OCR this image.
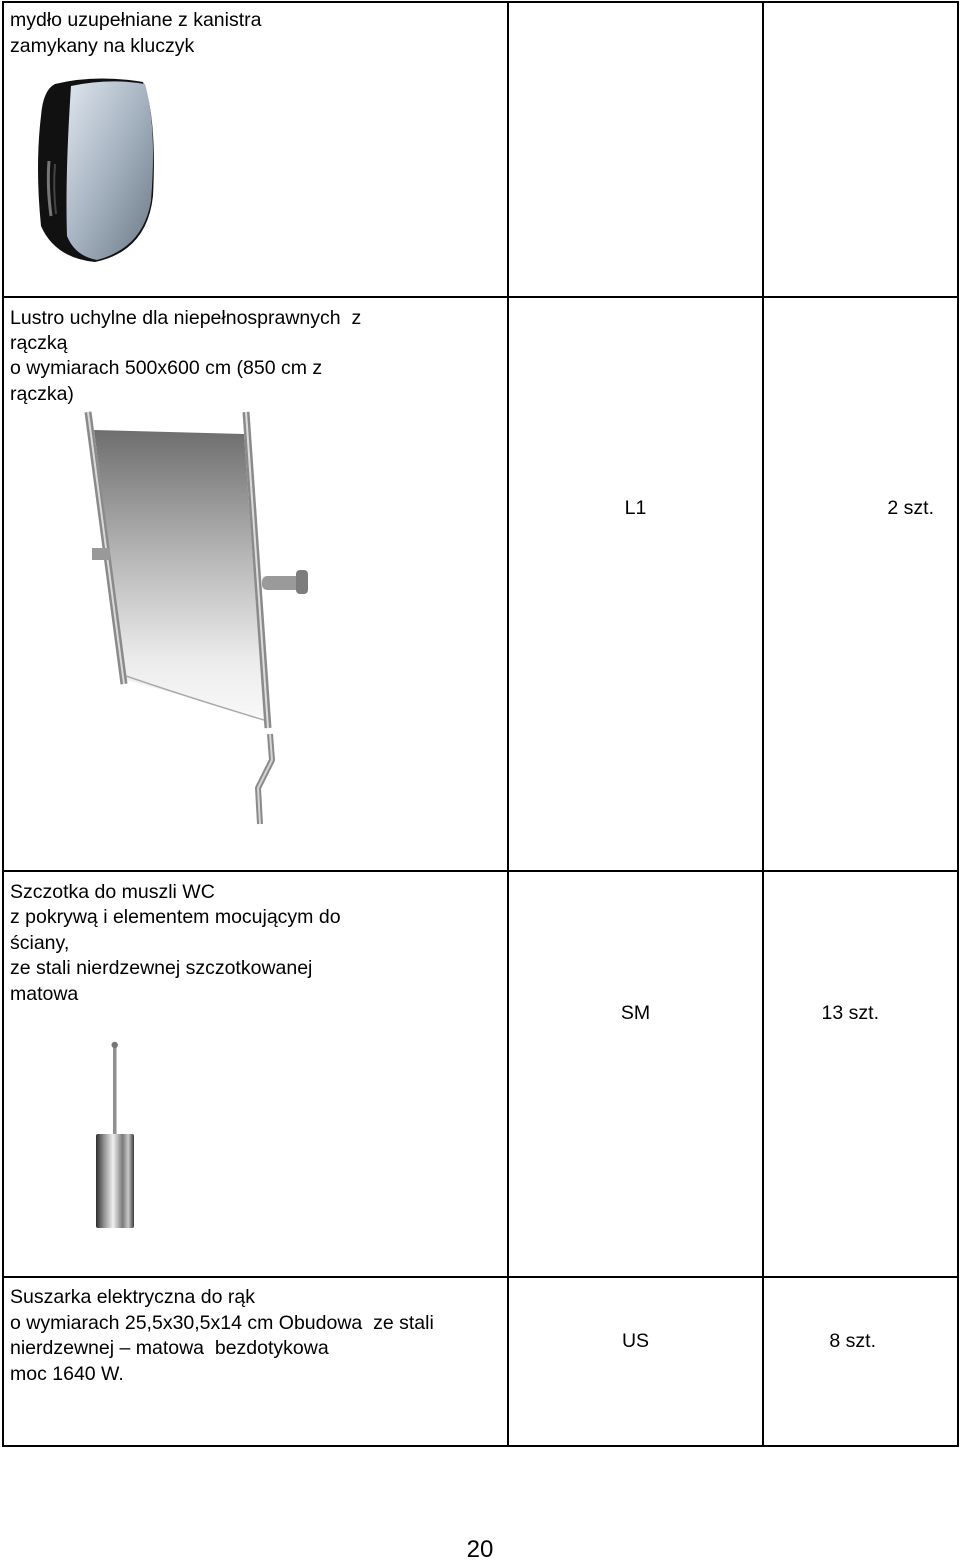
mydło uzupełniane z kanistra
zamykany na kluczyk
Lustro uchylne dla niepełnosprawnych  z
rączką
o wymiarach 500x600 cm (850 cm z
rączka)
L1	2 szt.
Szczotka do muszli WC
z pokrywą i elementem mocującym do
ściany,
ze stali nierdzewnej szczotkowanej
matowa
SM	13 szt.
Suszarka elektryczna do rąk
o wymiarach 25,5x30,5x14 cm Obudowa  ze stali
nierdzewnej – matowa  bezdotykowa
moc 1640 W.
US	8 szt.
20
